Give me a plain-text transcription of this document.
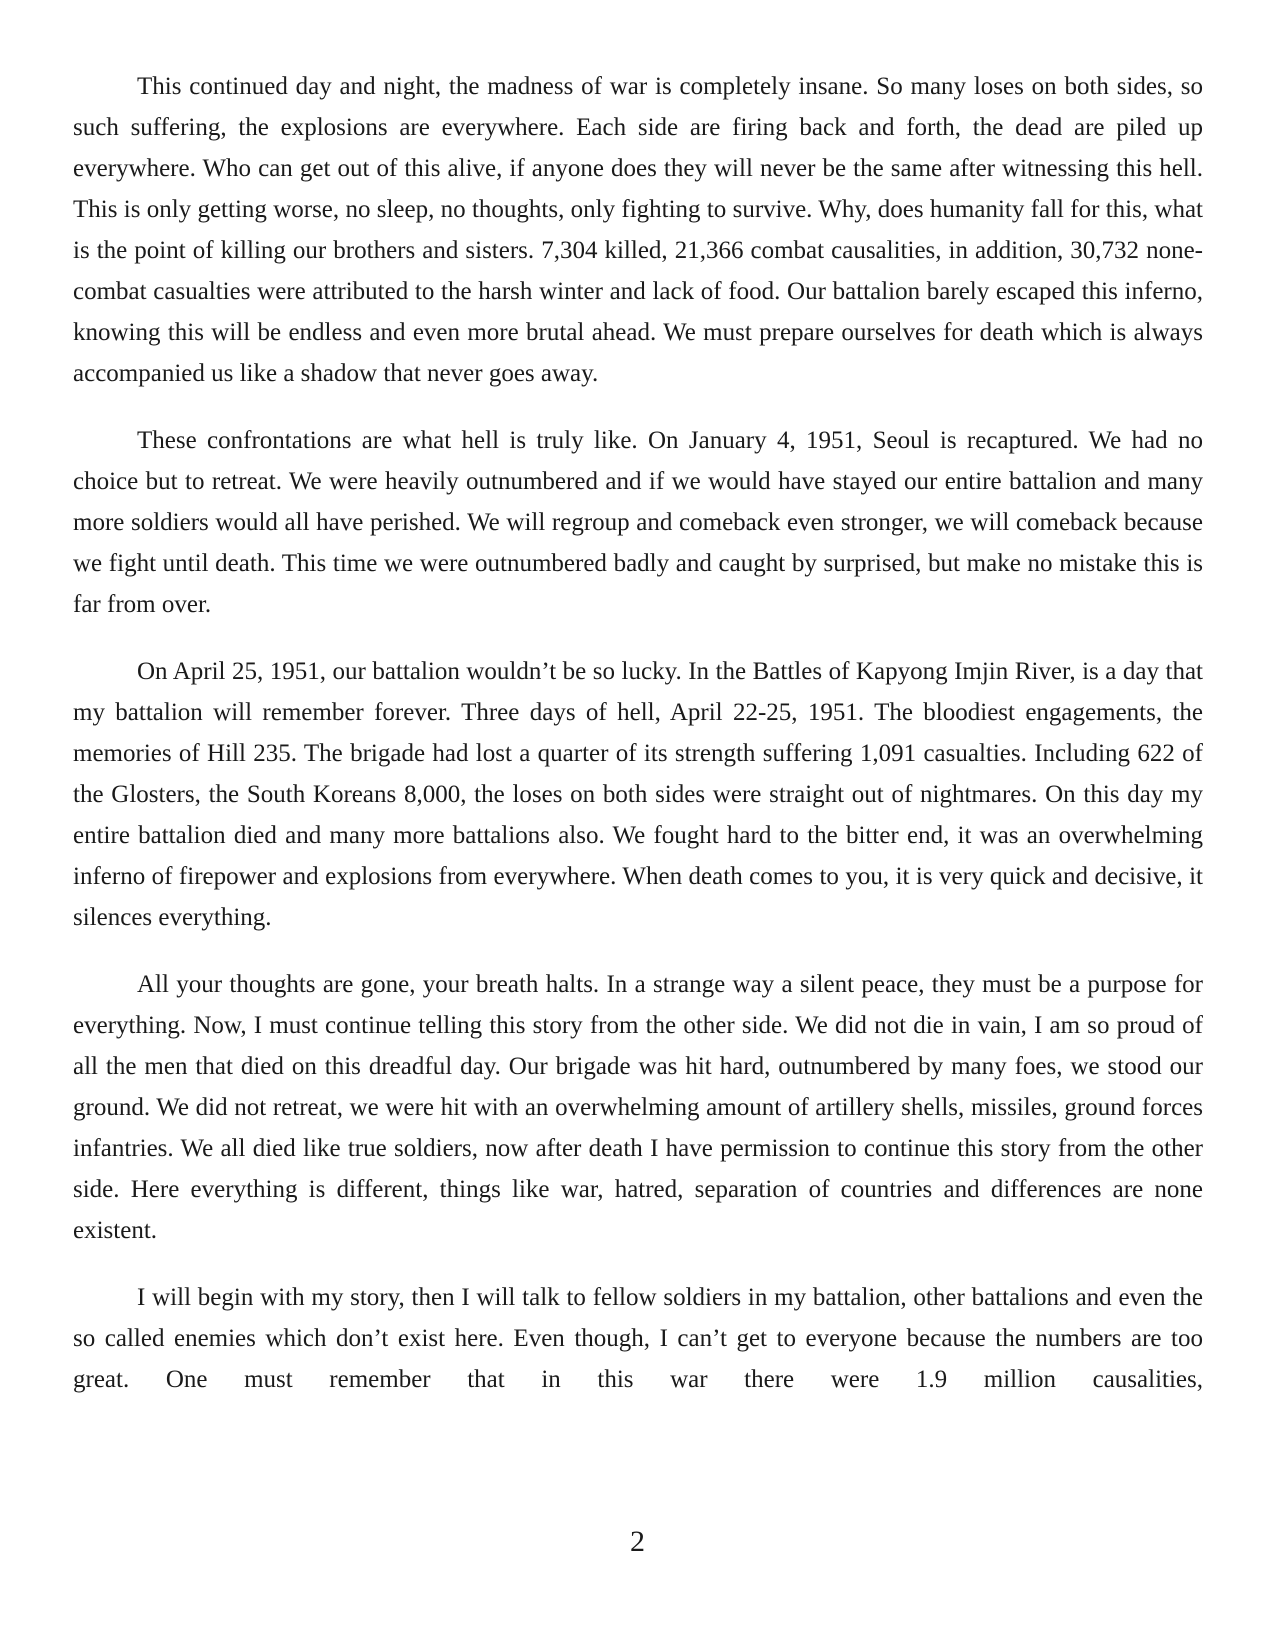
This continued day and night, the madness of war is completely insane. So many loses on both sides, so such suffering, the explosions are everywhere. Each side are firing back and forth, the dead are piled up everywhere. Who can get out of this alive, if anyone does they will never be the same after witnessing this hell. This is only getting worse, no sleep, no thoughts, only fighting to survive. Why, does humanity fall for this, what is the point of killing our brothers and sisters. 7,304 killed, 21,366 combat causalities, in addition, 30,732 none-combat casualties were attributed to the harsh winter and lack of food. Our battalion barely escaped this inferno, knowing this will be endless and even more brutal ahead. We must prepare ourselves for death which is always accompanied us like a shadow that never goes away.

These confrontations are what hell is truly like. On January 4, 1951, Seoul is recaptured. We had no choice but to retreat. We were heavily outnumbered and if we would have stayed our entire battalion and many more soldiers would all have perished. We will regroup and comeback even stronger, we will comeback because we fight until death. This time we were outnumbered badly and caught by surprised, but make no mistake this is far from over.

On April 25, 1951, our battalion wouldn’t be so lucky. In the Battles of Kapyong Imjin River, is a day that my battalion will remember forever. Three days of hell, April 22-25, 1951. The bloodiest engagements, the memories of Hill 235. The brigade had lost a quarter of its strength suffering 1,091 casualties. Including 622 of the Glosters, the South Koreans 8,000, the loses on both sides were straight out of nightmares. On this day my entire battalion died and many more battalions also. We fought hard to the bitter end, it was an overwhelming inferno of firepower and explosions from everywhere. When death comes to you, it is very quick and decisive, it silences everything.

All your thoughts are gone, your breath halts. In a strange way a silent peace, they must be a purpose for everything. Now, I must continue telling this story from the other side. We did not die in vain, I am so proud of all the men that died on this dreadful day. Our brigade was hit hard, outnumbered by many foes, we stood our ground. We did not retreat, we were hit with an overwhelming amount of artillery shells, missiles, ground forces infantries. We all died like true soldiers, now after death I have permission to continue this story from the other side. Here everything is different, things like war, hatred, separation of countries and differences are none existent.

I will begin with my story, then I will talk to fellow soldiers in my battalion, other battalions and even the so called enemies which don’t exist here. Even though, I can’t get to everyone because the numbers are too great. One must remember that in this war there were 1.9 million causalities,

2
